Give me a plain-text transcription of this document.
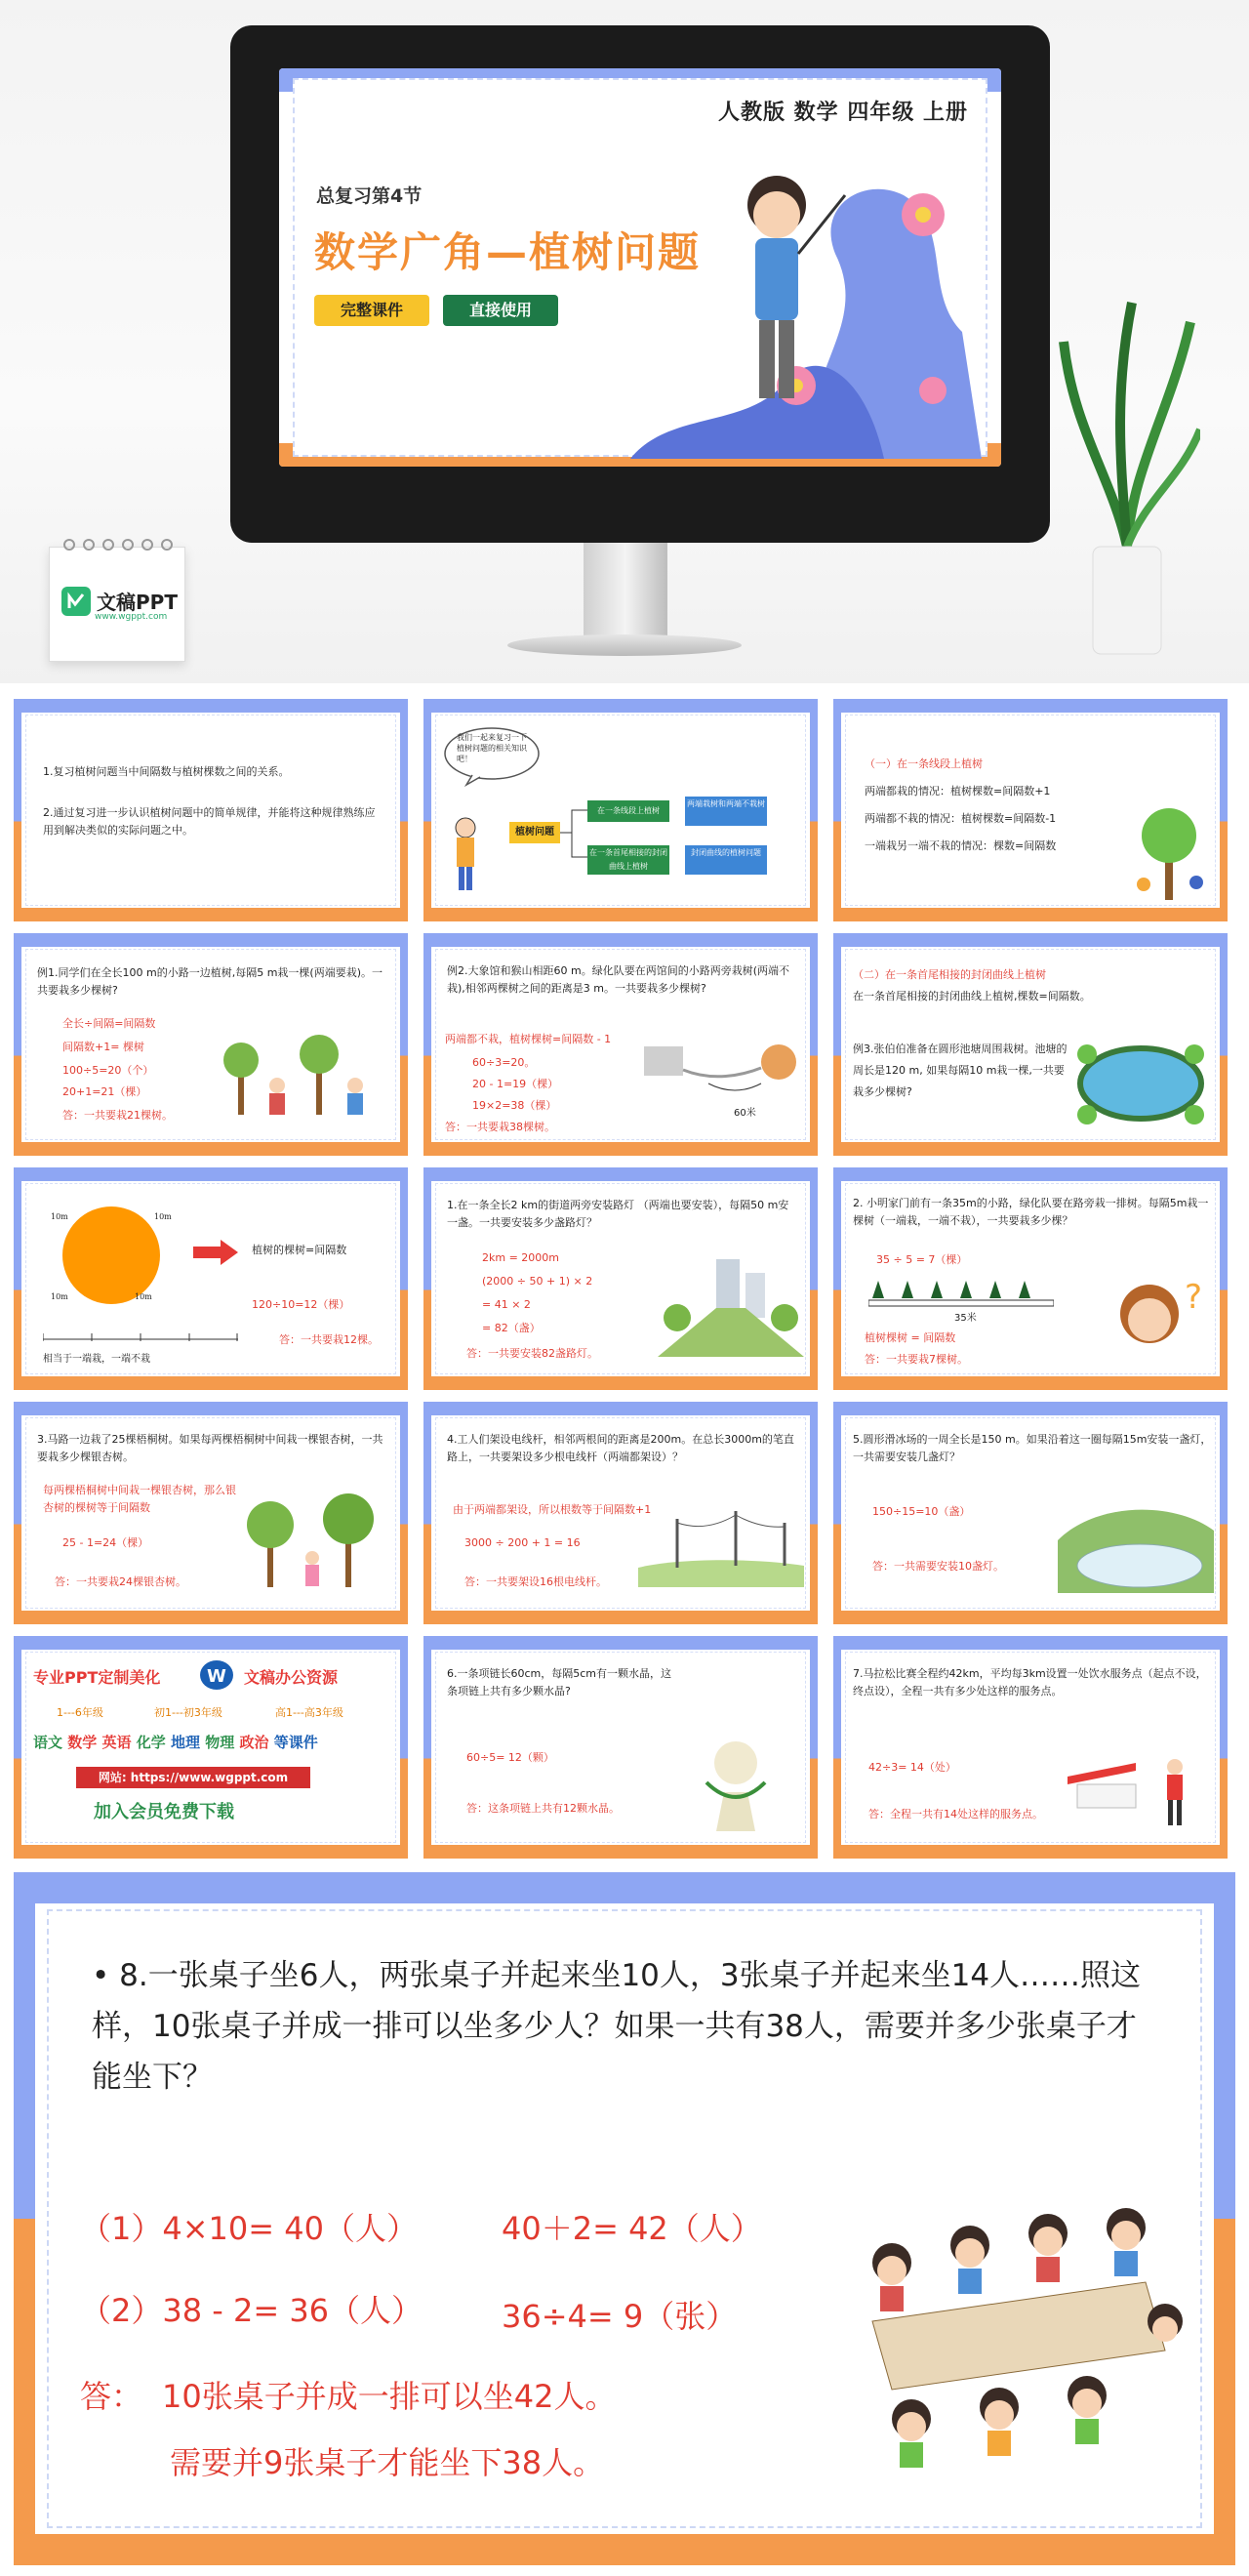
人教版 数学 四年级 上册
总复习第4节
数学广角—植树问题
完整课件	直接使用
文稿PPT
www.wgppt.com
1.复习植树问题当中间隔数与植树棵数之间的关系。
2.通过复习进一步认识植树问题中的简单规律，并能将这种规律熟练应用到解决类似的实际问题之中。
我们一起来复习一下植树问题的相关知识吧！
植树问题
在一条线段上植树
在一条首尾相接的封闭曲线上植树
两端栽树和两端不栽树
封闭曲线的植树问题
（一）在一条线段上植树
两端都栽的情况：植树棵数=间隔数+1
两端都不栽的情况：植树棵数=间隔数-1
一端栽另一端不栽的情况：棵数=间隔数
例1.同学们在全长100 m的小路一边植树,每隔5 m栽一棵(两端要栽)。一共要栽多少棵树?
全长÷间隔=间隔数
间隔数+1= 棵树
100÷5=20（个）
20+1=21（棵）
答：一共要栽21棵树。
例2.大象馆和猴山相距60 m。绿化队要在两馆间的小路两旁栽树(两端不栽),相邻两棵树之间的距离是3 m。一共要栽多少棵树?
两端都不栽，植树棵树=间隔数 - 1
60÷3=20。
20 - 1=19（棵）
19×2=38（棵）
答：一共要栽38棵树。
60米
（二）在一条首尾相接的封闭曲线上植树
在一条首尾相接的封闭曲线上植树,棵数=间隔数。
例3.张伯伯准备在圆形池塘周围栽树。池塘的周长是120 m, 如果每隔10 m栽一棵,一共要栽多少棵树?
10m	10m
10m	10m
植树的棵树=间隔数
120÷10=12（棵）
答：一共要栽12棵。
相当于一端栽，一端不栽
1.在一条全长2 km的街道两旁安装路灯 （两端也要安装），每隔50 m安一盏。一共要安装多少盏路灯？
2km = 2000m
(2000 ÷ 50 + 1) × 2
= 41 × 2
= 82（盏）
答：一共要安装82盏路灯。
2. 小明家门前有一条35m的小路，绿化队要在路旁栽一排树。每隔5m栽一棵树（一端栽，一端不栽），一共要栽多少棵？
35 ÷ 5 = 7（棵）
35米
植树棵树 = 间隔数
答：一共要栽7棵树。
?
3.马路一边栽了25棵梧桐树。如果每两棵梧桐树中间栽一棵银杏树，一共要栽多少棵银杏树。
每两棵梧桐树中间栽一棵银杏树，那么银杏树的棵树等于间隔数
25 - 1=24（棵）
答：一共要栽24棵银杏树。
4.工人们架设电线杆，相邻两根间的距离是200m。在总长3000m的笔直路上，一共要架设多少根电线杆（两端都架设）？
由于两端都架设，所以根数等于间隔数+1
3000 ÷ 200 + 1 = 16
答：一共要架设16根电线杆。
5.圆形滑冰场的一周全长是150 m。如果沿着这一圈每隔15m安装一盏灯，一共需要安装几盏灯？
150÷15=10（盏）
答：一共需要安装10盏灯。
专业PPT定制美化	W 文稿办公资源
1---6年级	初1---初3年级	高1---高3年级
语文 数学 英语 化学 地理 物理 政治 等课件
网站: https://www.wgppt.com
加入会员免费下载
6.一条项链长60cm，每隔5cm有一颗水晶，这条项链上共有多少颗水晶?
60÷5= 12（颗）
答：这条项链上共有12颗水晶。
7.马拉松比赛全程约42km，平均每3km设置一处饮水服务点（起点不设，终点设），全程一共有多少处这样的服务点。
42÷3= 14（处）
答：全程一共有14处这样的服务点。
• 8.一张桌子坐6人，两张桌子并起来坐10人，3张桌子并起来坐14人……照这样，10张桌子并成一排可以坐多少人？如果一共有38人，需要并多少张桌子才能坐下？
（1）4×10= 40（人）	40＋2= 42（人）
（2）38 - 2= 36（人）	36÷4= 9（张）
答： 10张桌子并成一排可以坐42人。
需要并9张桌子才能坐下38人。
